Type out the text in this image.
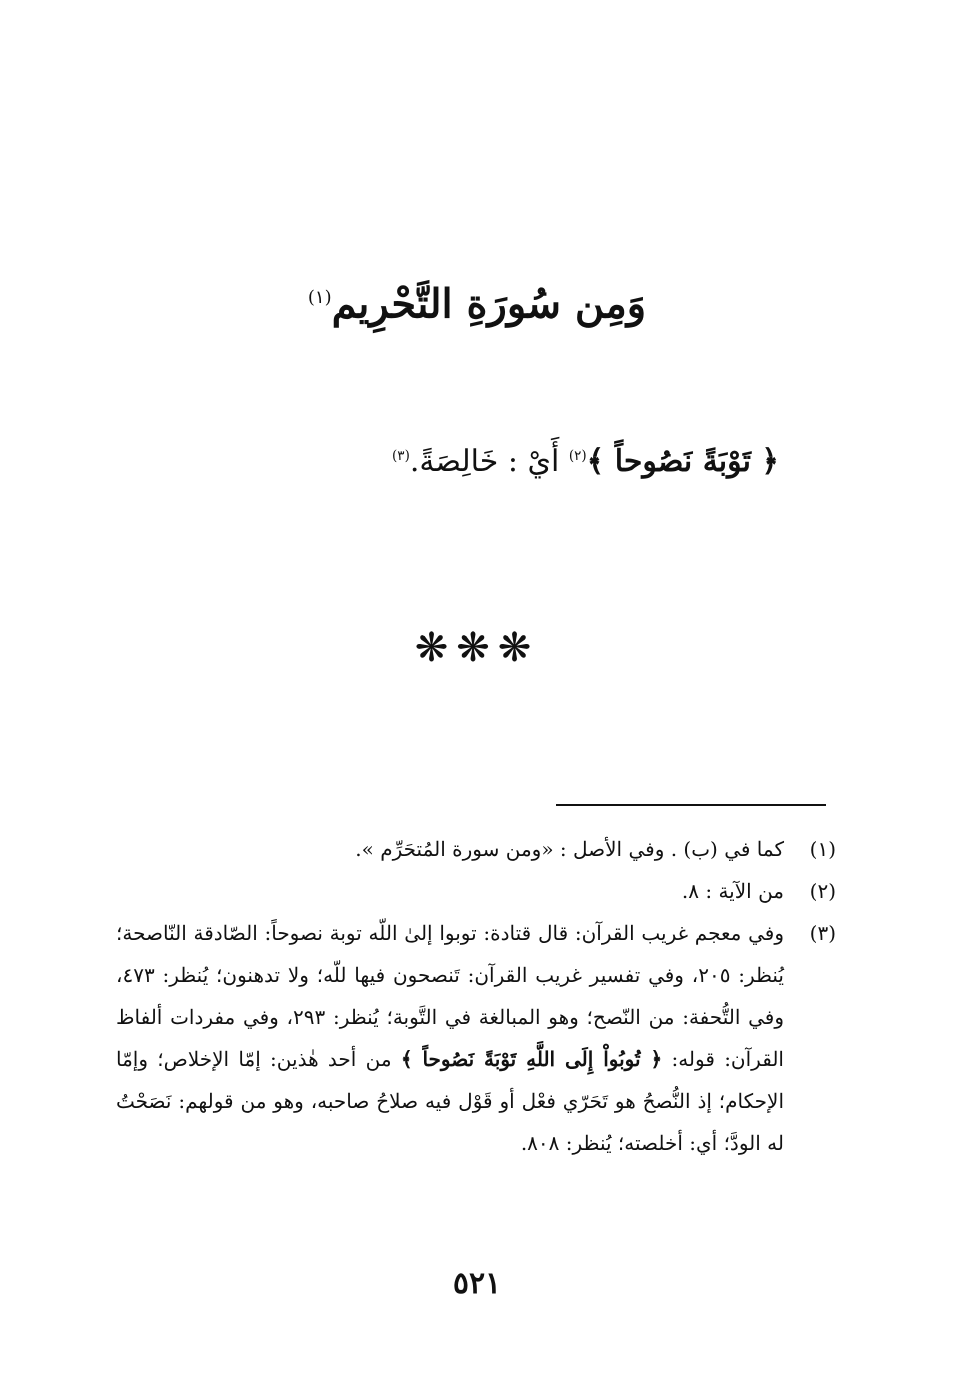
وَمِن سُورَةِ التَّحْرِيم$^{(١)}$
﴿ تَوْبَةً نَصُوحاً ﴾$^{(٢)}$ أَيْ : خَالِصَةً.$^{(٣)}$
❋❋❋
(١)
كما في (ب) . وفي الأصل : «ومن سورة المُتحَرِّم ».
(٢)
من الآية : ٨.
(٣)
وفي معجم غريب القرآن: قال قتادة: توبوا إلىٰ اللّه توبة نصوحاً: الصّادقة النّاصحة؛ يُنظر: ٢٠٥، وفي تفسير غريب القرآن: تَنصحون فيها للّه؛ ولا تدهنون؛ يُنظر: ٤٧٣، وفي التُّحفة: من النّصح؛ وهو المبالغة في التَّوبة؛ يُنظر: ٢٩٣، وفي مفردات ألفاظ القرآن: قوله: ﴿ تُوبُواْ إِلَى اللَّهِ تَوْبَةً نَصُوحاً ﴾ من أحد هٰذين: إمّا الإخلاص؛ وإمّا الإحكام؛ إذ النُّصحُ هو تَحَرّي فعْل أو قَوْل فيه صلاحُ صاحبه، وهو من قولهم: نَصَحْتُ له الودَّ؛ أي: أخلصته؛ يُنظر: ٨٠٨.
٥٢١
